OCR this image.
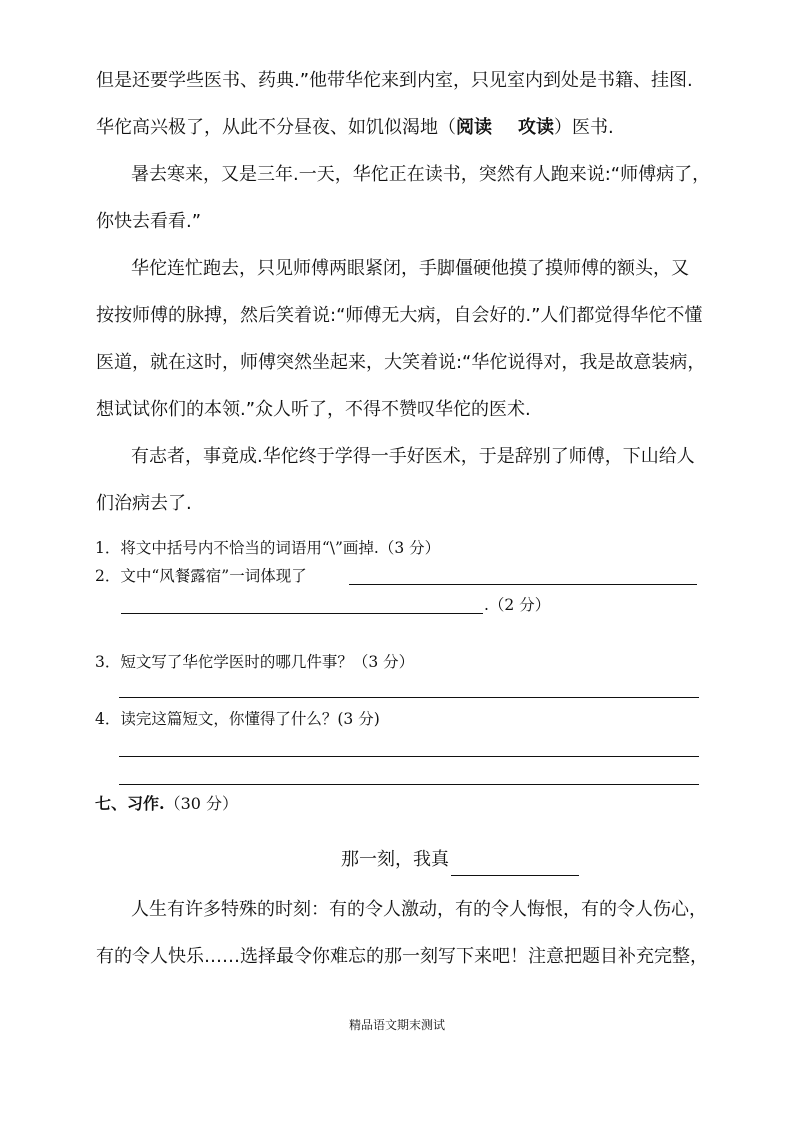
但是还要学些医书、药典.”他带华佗来到内室，只见室内到处是书籍、挂图.
华佗高兴极了，从此不分昼夜、如饥似渴地（阅读 攻读）医书.
暑去寒来，又是三年.一天，华佗正在读书，突然有人跑来说:“师傅病了，
你快去看看.”
华佗连忙跑去，只见师傅两眼紧闭，手脚僵硬他摸了摸师傅的额头，又
按按师傅的脉搏，然后笑着说:“师傅无大病，自会好的.”人们都觉得华佗不懂
医道，就在这时，师傅突然坐起来，大笑着说:“华佗说得对，我是故意装病，
想试试你们的本领.”众人听了，不得不赞叹华佗的医术.
有志者，事竟成.华佗终于学得一手好医术，于是辞别了师傅，下山给人
们治病去了.
1．将文中括号内不恰当的词语用“\”画掉.（3 分）
2．文中“风餐露宿”一词体现了
.（2 分）
3．短文写了华佗学医时的哪几件事？（3 分）
4．读完这篇短文，你懂得了什么？(3 分)
七、习作.（30 分）
那一刻，我真
人生有许多特殊的时刻：有的令人激动，有的令人悔恨，有的令人伤心，
有的令人快乐……选择最令你难忘的那一刻写下来吧！注意把题目补充完整，
精品语文期末测试
